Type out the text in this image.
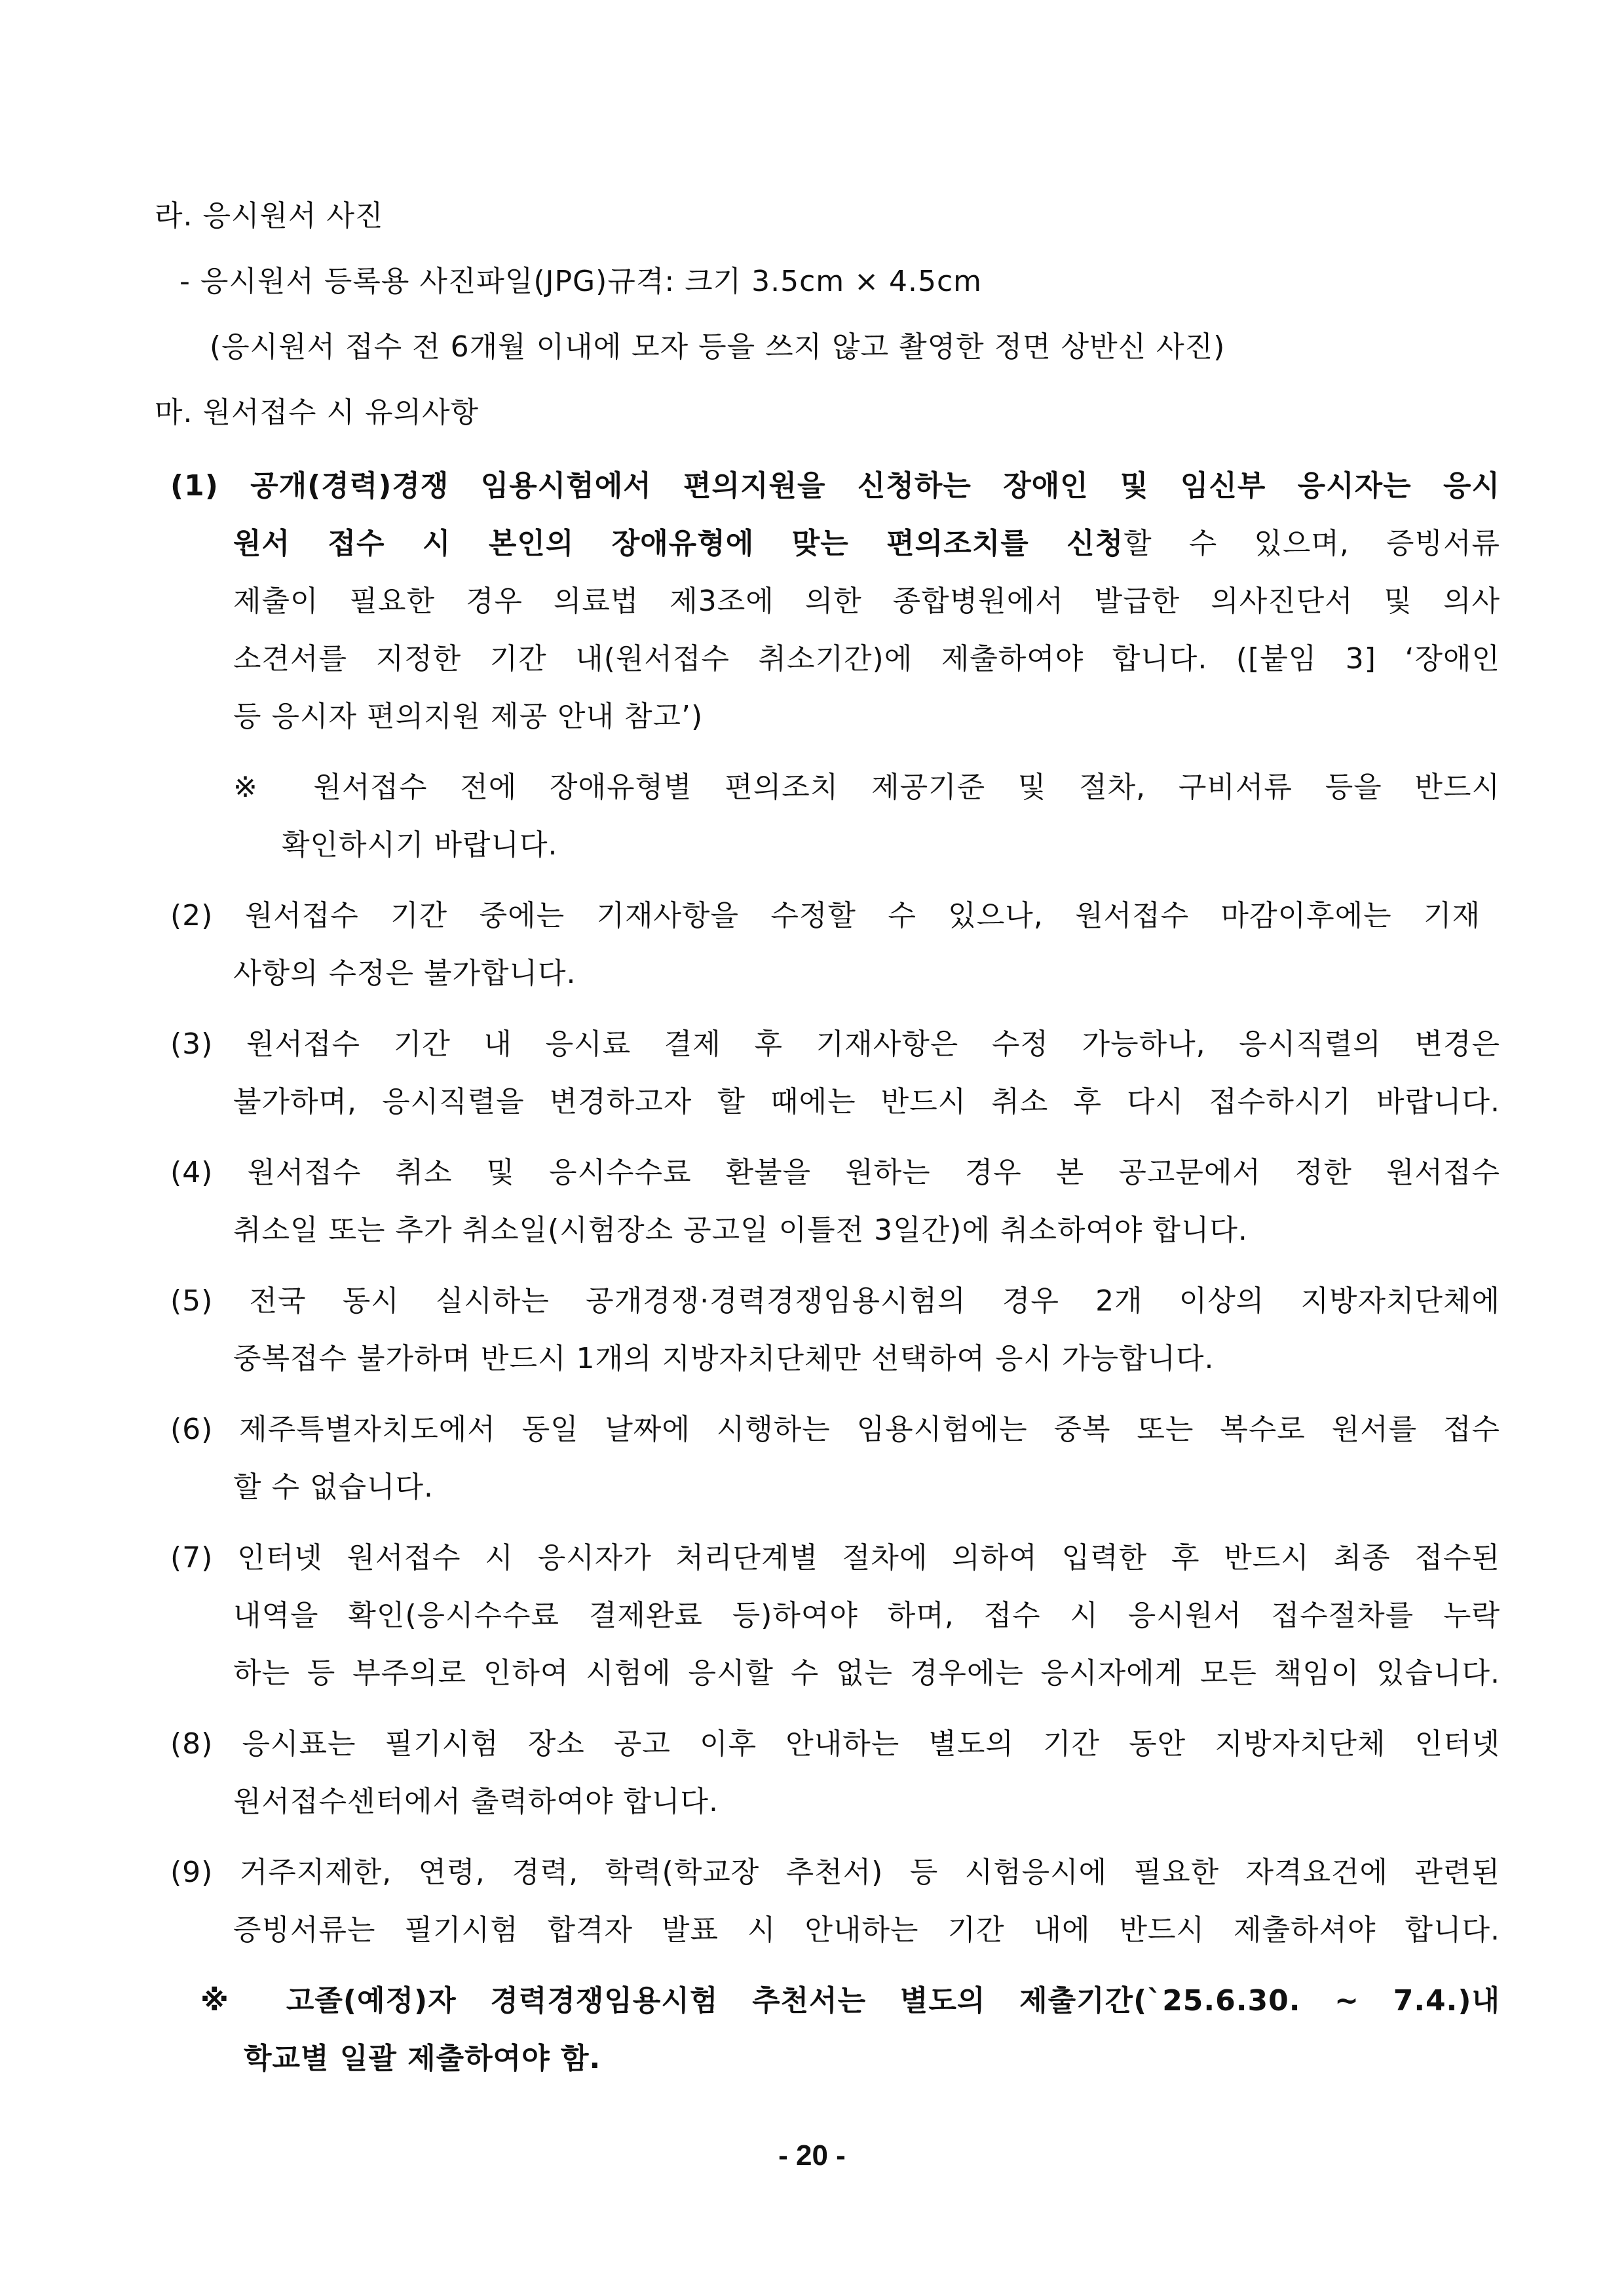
라. 응시원서 사진
- 응시원서 등록용 사진파일(JPG)규격: 크기 3.5cm × 4.5cm
(응시원서 접수 전 6개월 이내에 모자 등을 쓰지 않고 촬영한 정면 상반신 사진)
마. 원서접수 시 유의사항
(1) 공개(경력)경쟁 임용시험에서 편의지원을 신청하는 장애인 및 임신부 응시자는 응시
원서 접수 시 본인의 장애유형에 맞는 편의조치를 신청할 수 있으며, 증빙서류
제출이 필요한 경우 의료법 제3조에 의한 종합병원에서 발급한 의사진단서 및 의사
소견서를 지정한 기간 내(원서접수 취소기간)에 제출하여야 합니다. ([붙임 3] ‘장애인
등 응시자 편의지원 제공 안내 참고’)
※ 원서접수 전에 장애유형별 편의조치 제공기준 및 절차, 구비서류 등을 반드시
확인하시기 바랍니다.
(2) 원서접수 기간 중에는 기재사항을 수정할 수 있으나, 원서접수 마감이후에는 기재
사항의 수정은 불가합니다.
(3) 원서접수 기간 내 응시료 결제 후 기재사항은 수정 가능하나, 응시직렬의 변경은
불가하며, 응시직렬을 변경하고자 할 때에는 반드시 취소 후 다시 접수하시기 바랍니다.
(4) 원서접수 취소 및 응시수수료 환불을 원하는 경우 본 공고문에서 정한 원서접수
취소일 또는 추가 취소일(시험장소 공고일 이틀전 3일간)에 취소하여야 합니다.
(5) 전국 동시 실시하는 공개경쟁·경력경쟁임용시험의 경우 2개 이상의 지방자치단체에
중복접수 불가하며 반드시 1개의 지방자치단체만 선택하여 응시 가능합니다.
(6) 제주특별자치도에서 동일 날짜에 시행하는 임용시험에는 중복 또는 복수로 원서를 접수
할 수 없습니다.
(7) 인터넷 원서접수 시 응시자가 처리단계별 절차에 의하여 입력한 후 반드시 최종 접수된
내역을 확인(응시수수료 결제완료 등)하여야 하며, 접수 시 응시원서 접수절차를 누락
하는 등 부주의로 인하여 시험에 응시할 수 없는 경우에는 응시자에게 모든 책임이 있습니다.
(8) 응시표는 필기시험 장소 공고 이후 안내하는 별도의 기간 동안 지방자치단체 인터넷
원서접수센터에서 출력하여야 합니다.
(9) 거주지제한, 연령, 경력, 학력(학교장 추천서) 등 시험응시에 필요한 자격요건에 관련된
증빙서류는 필기시험 합격자 발표 시 안내하는 기간 내에 반드시 제출하셔야 합니다.
※ 고졸(예정)자 경력경쟁임용시험 추천서는 별도의 제출기간(`25.6.30. ~ 7.4.)내
학교별 일괄 제출하여야 함.
- 20 -
